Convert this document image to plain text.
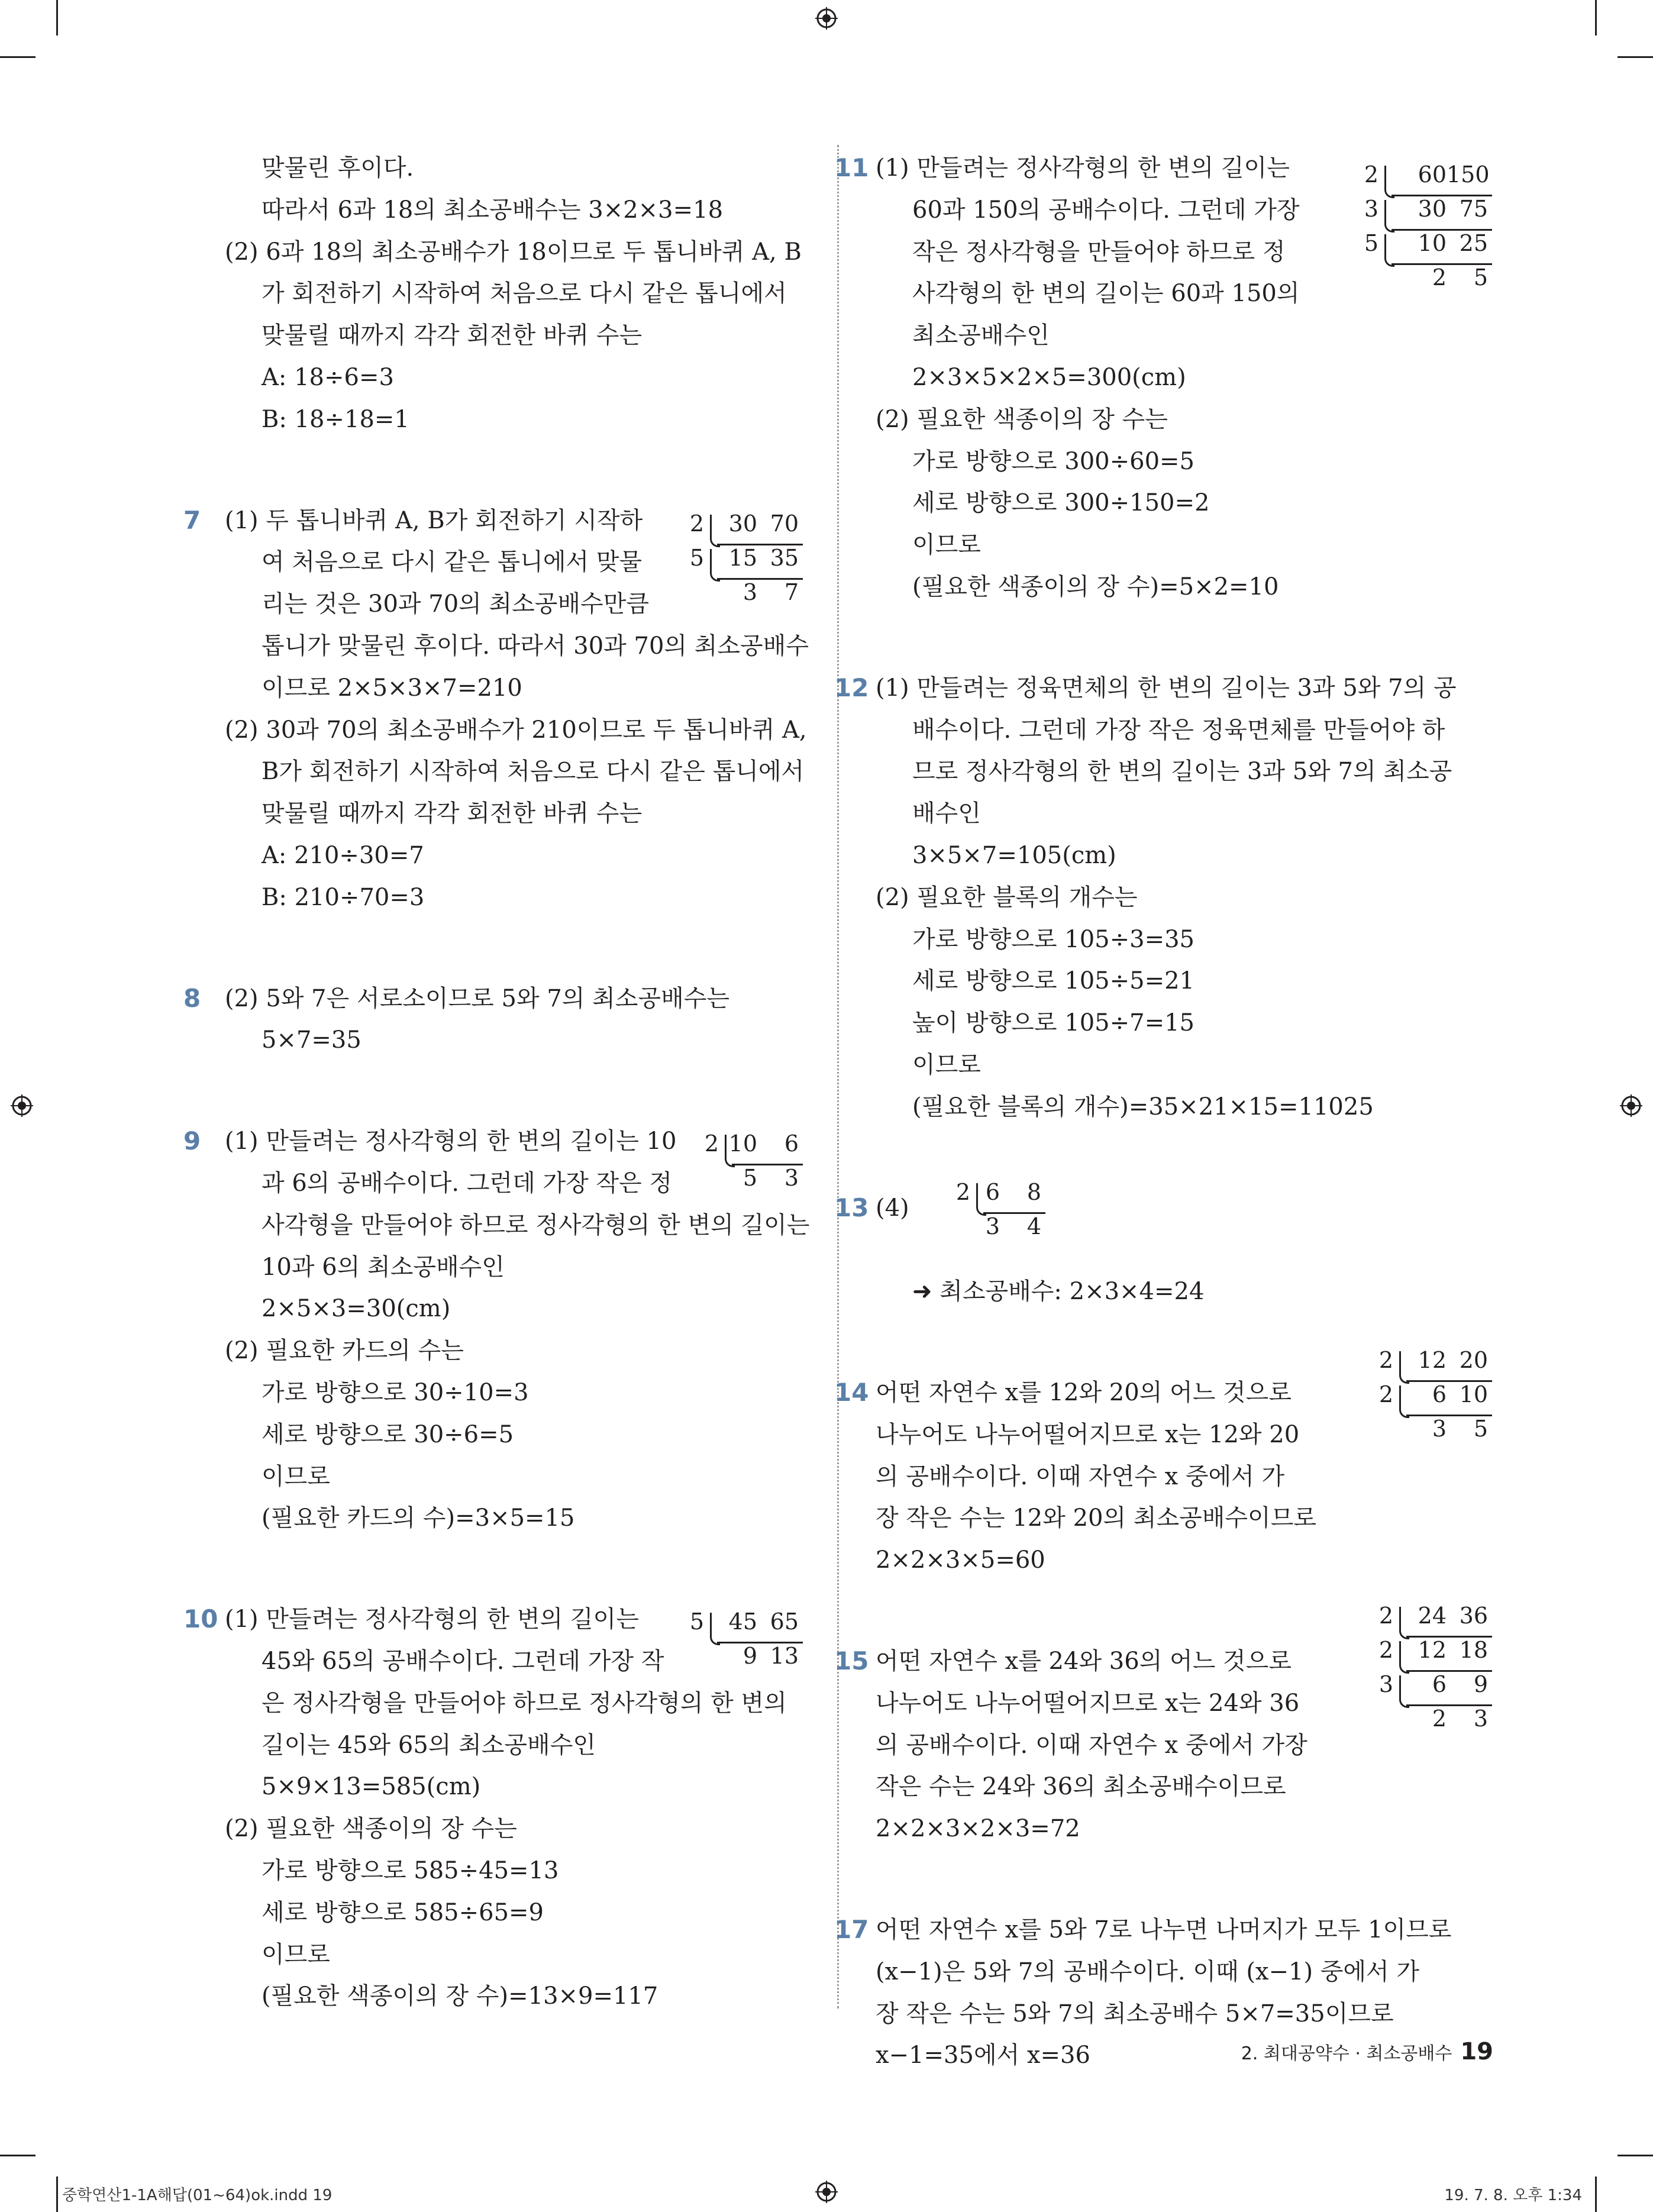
맞물린 후이다.
따라서 6과 18의 최소공배수는 3×2×3=18
(2) 6과 18의 최소공배수가 18이므로 두 톱니바퀴 A, B
가 회전하기 시작하여 처음으로 다시 같은 톱니에서
맞물릴 때까지 각각 회전한 바퀴 수는
A: 18÷6=3
B: 18÷18=1
7 (1) 두 톱니바퀴 A, B가 회전하기 시작하
여 처음으로 다시 같은 톱니에서 맞물
리는 것은 30과 70의 최소공배수만큼
톱니가 맞물린 후이다. 따라서 30과 70의 최소공배수
이므로 2×5×3×7=210
(2) 30과 70의 최소공배수가 210이므로 두 톱니바퀴 A,
B가 회전하기 시작하여 처음으로 다시 같은 톱니에서
맞물릴 때까지 각각 회전한 바퀴 수는
A: 210÷30=7
B: 210÷70=3
8 (2) 5와 7은 서로소이므로 5와 7의 최소공배수는
5×7=35
9 (1) 만들려는 정사각형의 한 변의 길이는 10
과 6의 공배수이다. 그런데 가장 작은 정
사각형을 만들어야 하므로 정사각형의 한 변의 길이는
10과 6의 최소공배수인
2×5×3=30(cm)
(2) 필요한 카드의 수는
가로 방향으로 30÷10=3
세로 방향으로 30÷6=5
이므로
(필요한 카드의 수)=3×5=15
10 (1) 만들려는 정사각형의 한 변의 길이는
45와 65의 공배수이다. 그런데 가장 작
은 정사각형을 만들어야 하므로 정사각형의 한 변의
길이는 45와 65의 최소공배수인
5×9×13=585(cm)
(2) 필요한 색종이의 장 수는
가로 방향으로 585÷45=13
세로 방향으로 585÷65=9
이므로
(필요한 색종이의 장 수)=13×9=117
11 (1) 만들려는 정사각형의 한 변의 길이는
60과 150의 공배수이다. 그런데 가장
작은 정사각형을 만들어야 하므로 정
사각형의 한 변의 길이는 60과 150의
최소공배수인
2×3×5×2×5=300(cm)
(2) 필요한 색종이의 장 수는
가로 방향으로 300÷60=5
세로 방향으로 300÷150=2
이므로
(필요한 색종이의 장 수)=5×2=10
12 (1) 만들려는 정육면체의 한 변의 길이는 3과 5와 7의 공
배수이다. 그런데 가장 작은 정육면체를 만들어야 하
므로 정사각형의 한 변의 길이는 3과 5와 7의 최소공
배수인
3×5×7=105(cm)
(2) 필요한 블록의 개수는
가로 방향으로 105÷3=35
세로 방향으로 105÷5=21
높이 방향으로 105÷7=15
이므로
(필요한 블록의 개수)=35×21×15=11025
13 (4)
➜ 최소공배수: 2×3×4=24
14 어떤 자연수 x를 12와 20의 어느 것으로
나누어도 나누어떨어지므로 x는 12와 20
의 공배수이다. 이때 자연수 x 중에서 가
장 작은 수는 12와 20의 최소공배수이므로
2×2×3×5=60
15 어떤 자연수 x를 24와 36의 어느 것으로
나누어도 나누어떨어지므로 x는 24와 36
의 공배수이다. 이때 자연수 x 중에서 가장
작은 수는 24와 36의 최소공배수이므로
2×2×3×2×3=72
17 어떤 자연수 x를 5와 7로 나누면 나머지가 모두 1이므로
(x−1)은 5와 7의 공배수이다. 이때 (x−1) 중에서 가
장 작은 수는 5와 7의 최소공배수 5×7=35이므로
x−1=35에서 x=36	2. 최대공약수 · 최소공배수 19
중학연산1-1A해답(01~64)ok.indd 19	19. 7. 8. 오후 1:34
2	30 70
5	15 35
3	7
2 10	6
5	3
5	45 65
9 13
2	60 150
3	30 75
5	10 25
2	5
2 6	8
3	4
2	12 20
2	6 10
3	5
2	24 36
2	12 18
3	6	9
2	3
